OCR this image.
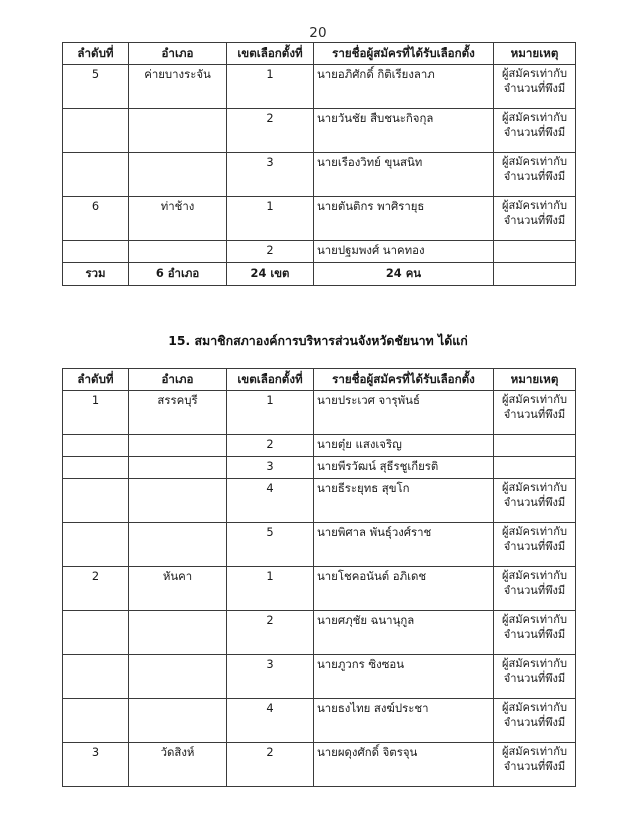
20
ลำดับที่	อำเภอ	เขตเลือกตั้งที่	รายชื่อผู้สมัครที่ได้รับเลือกตั้ง	หมายเหตุ
5	ค่ายบางระจัน	1	นายอภิศักดิ์ กิติเรียงลาภ	ผู้สมัครเท่ากับ
จำนวนที่พึงมี

		2	นายวันชัย สืบชนะกิจกุล	ผู้สมัครเท่ากับ
จำนวนที่พึงมี

		3	นายเรืองวิทย์ ขุนสนิท	ผู้สมัครเท่ากับ
จำนวนที่พึงมี

6	ท่าช้าง	1	นายตันติกร พาศิรายุธ	ผู้สมัครเท่ากับ
จำนวนที่พึงมี

		2	นายปฐมพงศ์ นาคทอง	
รวม	6 อำเภอ	24 เขต	24 คน	
15. สมาชิกสภาองค์การบริหารส่วนจังหวัดชัยนาท ได้แก่
ลำดับที่	อำเภอ	เขตเลือกตั้งที่	รายชื่อผู้สมัครที่ได้รับเลือกตั้ง	หมายเหตุ
1	สรรคบุรี	1	นายประเวศ จารุพันธ์	ผู้สมัครเท่ากับ
จำนวนที่พึงมี

		2	นายตุ๋ย แสงเจริญ	
		3	นายพีรวัฒน์ สุธีรชูเกียรติ	
		4	นายธีระยุทธ สุขโก	ผู้สมัครเท่ากับ
จำนวนที่พึงมี

		5	นายพิศาล พันธุ์วงศ์ราช	ผู้สมัครเท่ากับ
จำนวนที่พึงมี

2	หันคา	1	นายโชคอนันต์ อภิเดช	ผู้สมัครเท่ากับ
จำนวนที่พึงมี

		2	นายศภุชัย ฉนานุกูล	ผู้สมัครเท่ากับ
จำนวนที่พึงมี

		3	นายภูวกร ซิงซอน	ผู้สมัครเท่ากับ
จำนวนที่พึงมี

		4	นายธงไทย สงฆ์ประชา	ผู้สมัครเท่ากับ
จำนวนที่พึงมี

3	วัดสิงห์	2	นายผดุงศักดิ์ จิตรจุน	ผู้สมัครเท่ากับ
จำนวนที่พึงมี
